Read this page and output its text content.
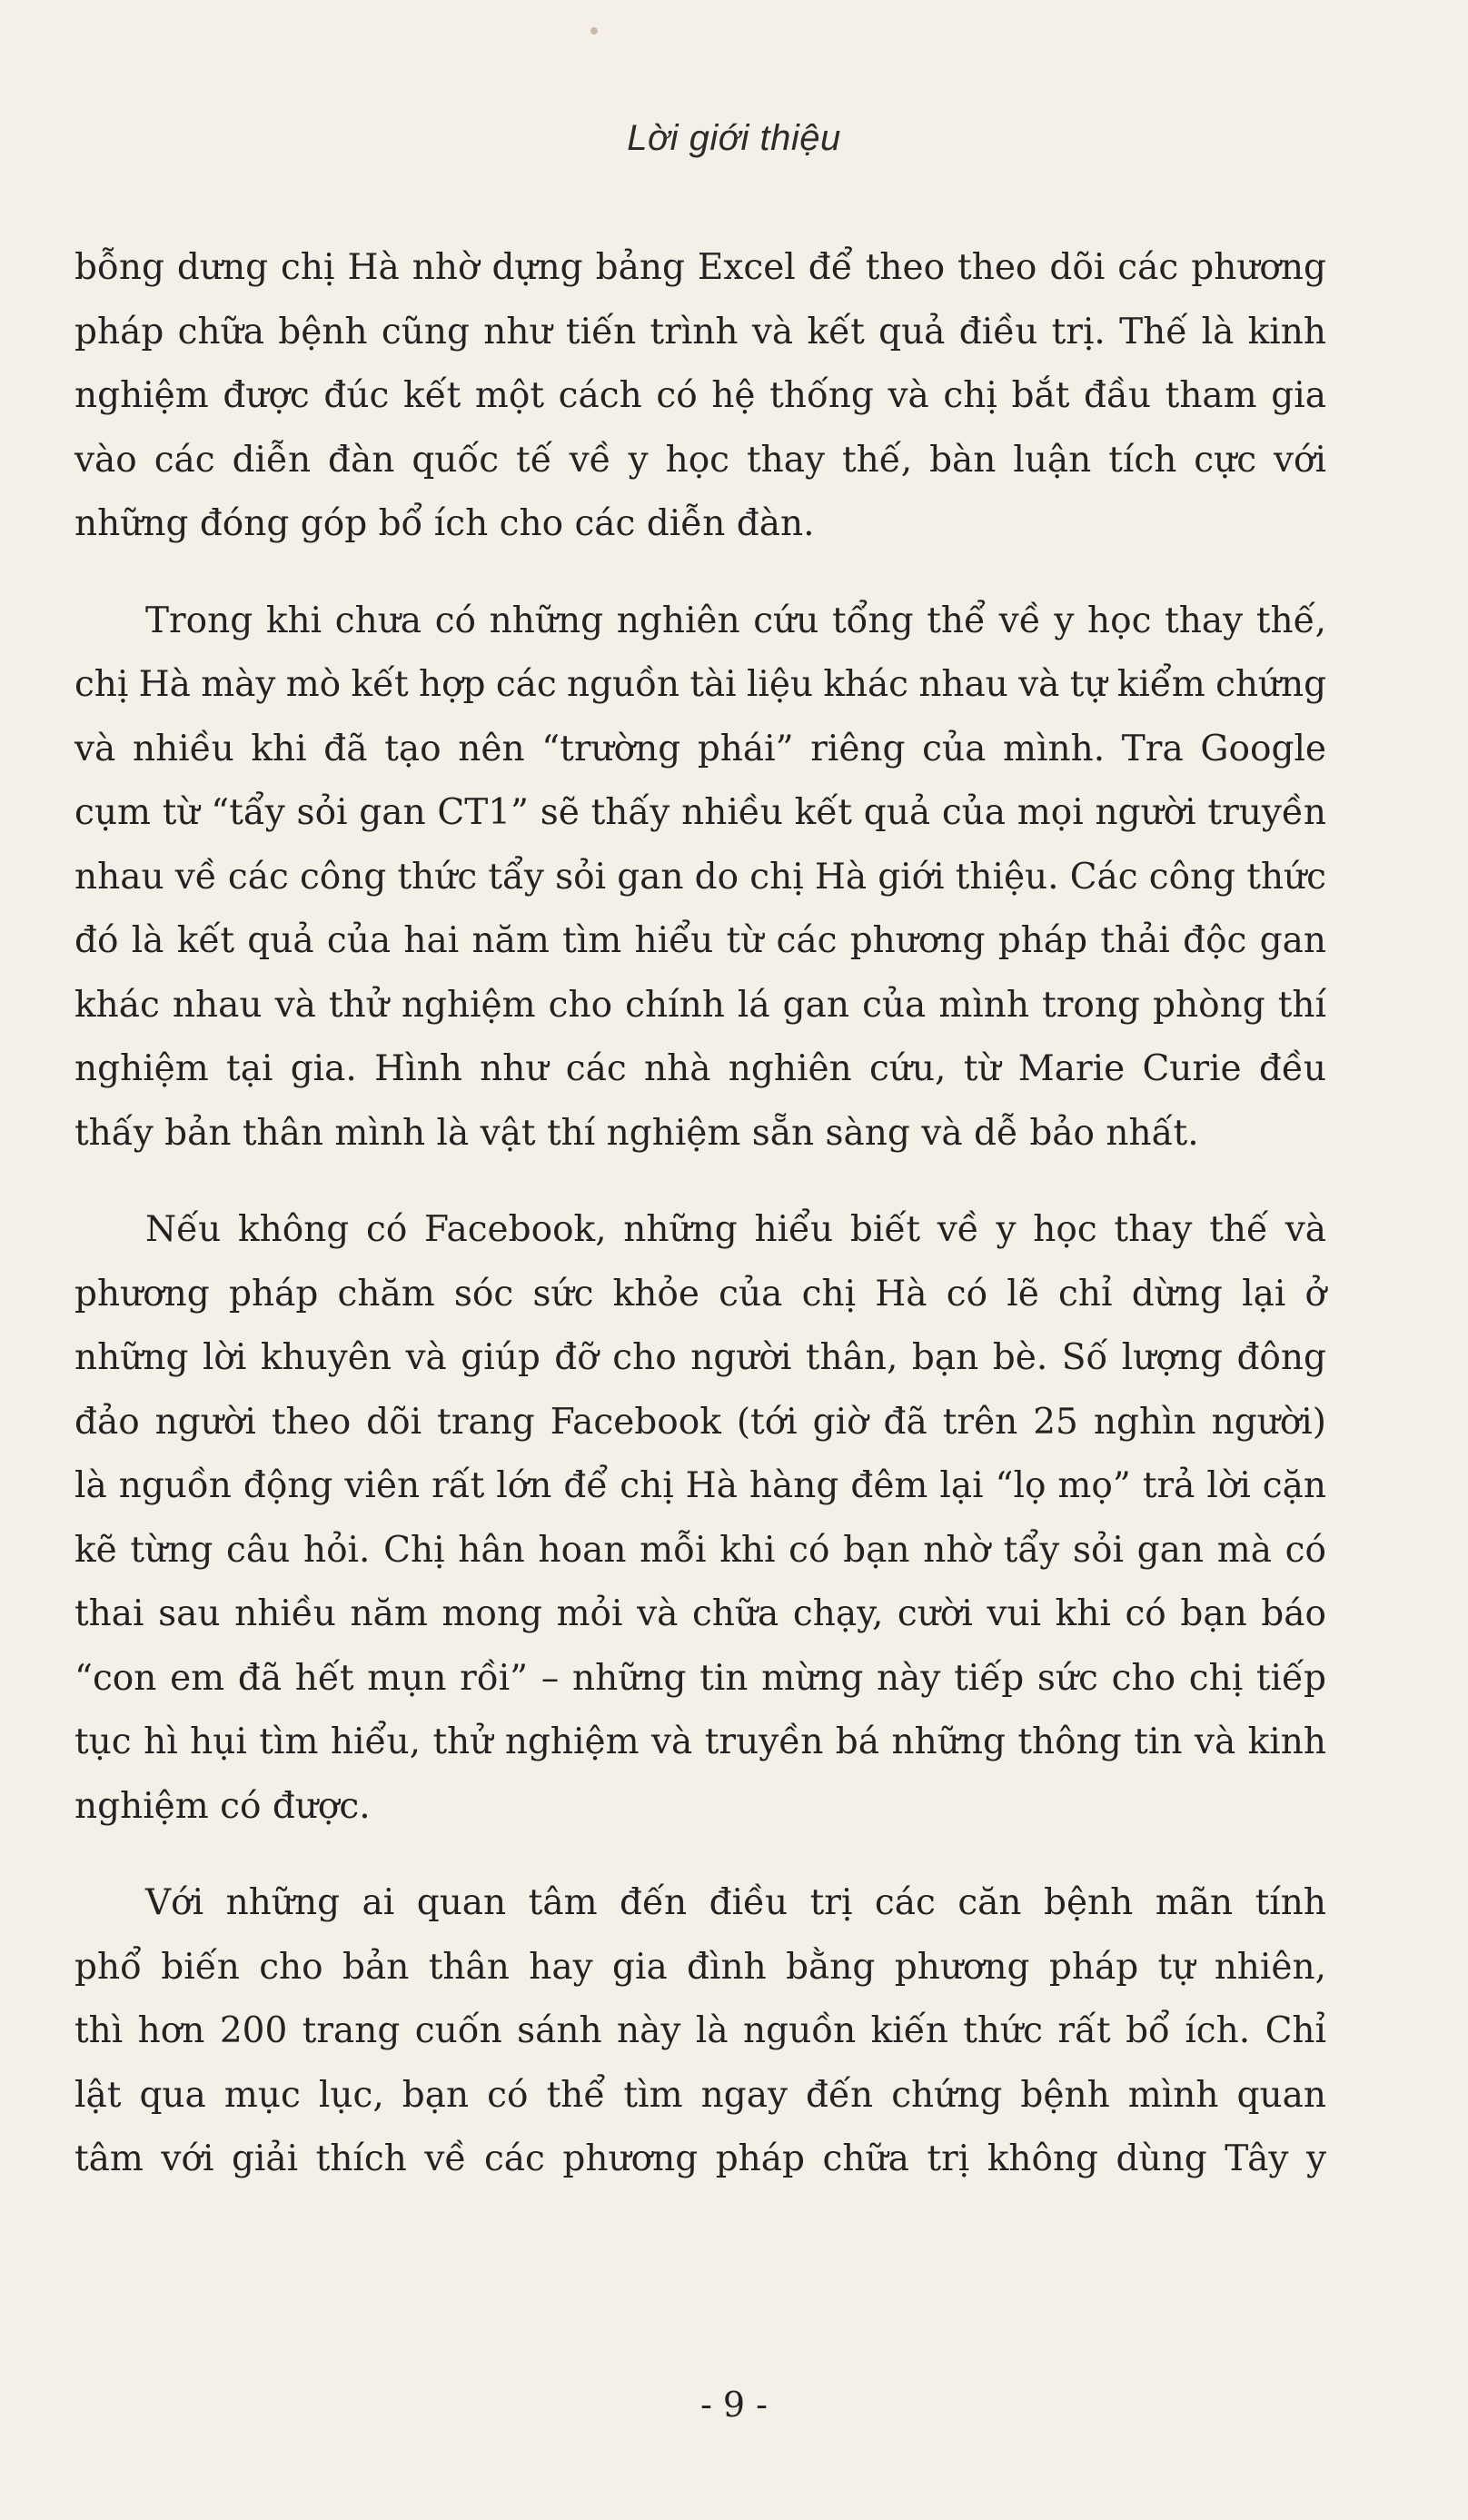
Lời giới thiệu

bỗng dưng chị Hà nhờ dựng bảng Excel để theo theo dõi các phương
pháp chữa bệnh cũng như tiến trình và kết quả điều trị. Thế là kinh
nghiệm được đúc kết một cách có hệ thống và chị bắt đầu tham gia
vào các diễn đàn quốc tế về y học thay thế, bàn luận tích cực với
những đóng góp bổ ích cho các diễn đàn.

Trong khi chưa có những nghiên cứu tổng thể về y học thay thế,
chị Hà mày mò kết hợp các nguồn tài liệu khác nhau và tự kiểm chứng
và nhiều khi đã tạo nên “trường phái” riêng của mình. Tra Google
cụm từ “tẩy sỏi gan CT1” sẽ thấy nhiều kết quả của mọi người truyền
nhau về các công thức tẩy sỏi gan do chị Hà giới thiệu. Các công thức
đó là kết quả của hai năm tìm hiểu từ các phương pháp thải độc gan
khác nhau và thử nghiệm cho chính lá gan của mình trong phòng thí
nghiệm tại gia. Hình như các nhà nghiên cứu, từ Marie Curie đều
thấy bản thân mình là vật thí nghiệm sẵn sàng và dễ bảo nhất.

Nếu không có Facebook, những hiểu biết về y học thay thế và
phương pháp chăm sóc sức khỏe của chị Hà có lẽ chỉ dừng lại ở
những lời khuyên và giúp đỡ cho người thân, bạn bè. Số lượng đông
đảo người theo dõi trang Facebook (tới giờ đã trên 25 nghìn người)
là nguồn động viên rất lớn để chị Hà hàng đêm lại “lọ mọ” trả lời cặn
kẽ từng câu hỏi. Chị hân hoan mỗi khi có bạn nhờ tẩy sỏi gan mà có
thai sau nhiều năm mong mỏi và chữa chạy, cười vui khi có bạn báo
“con em đã hết mụn rồi” – những tin mừng này tiếp sức cho chị tiếp
tục hì hụi tìm hiểu, thử nghiệm và truyền bá những thông tin và kinh
nghiệm có được.

Với những ai quan tâm đến điều trị các căn bệnh mãn tính
phổ biến cho bản thân hay gia đình bằng phương pháp tự nhiên,
thì hơn 200 trang cuốn sánh này là nguồn kiến thức rất bổ ích. Chỉ
lật qua mục lục, bạn có thể tìm ngay đến chứng bệnh mình quan
tâm với giải thích về các phương pháp chữa trị không dùng Tây y

- 9 -
